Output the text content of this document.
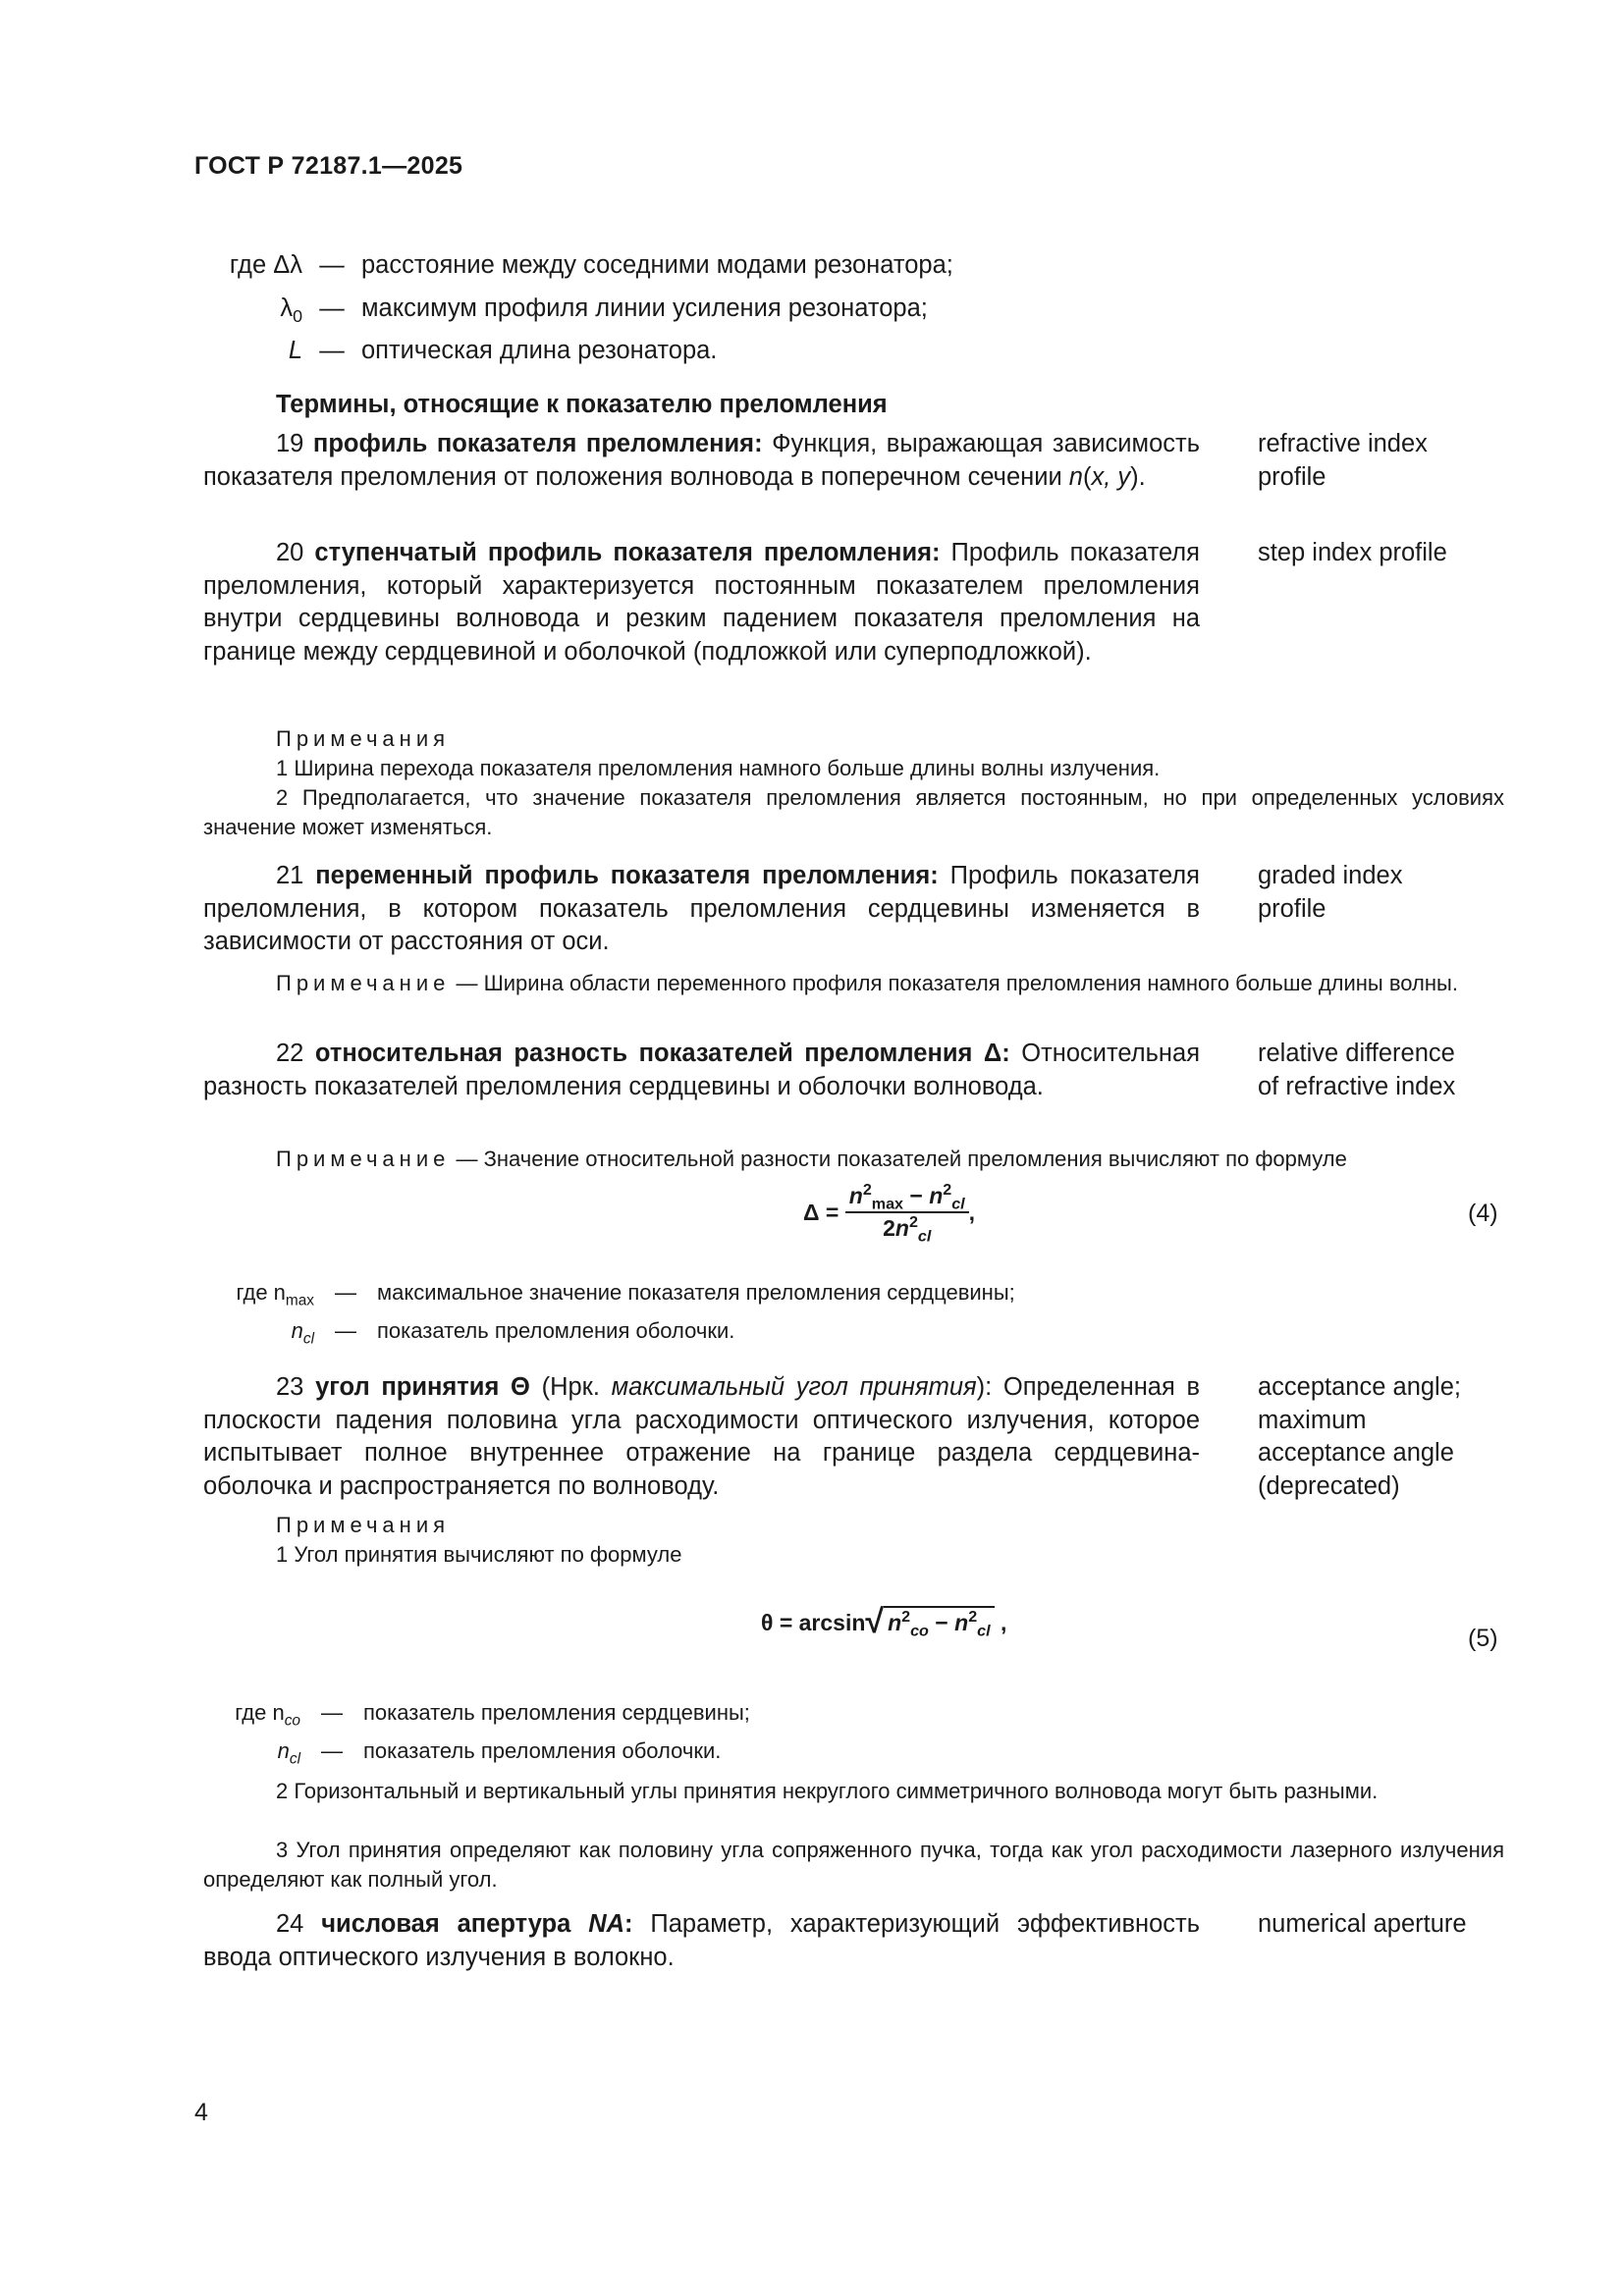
ГОСТ Р 72187.1—2025
где Δλ — расстояние между соседними модами резонатора;
$\lambda_0$ — максимум профиля линии усиления резонатора;
L — оптическая длина резонатора.
Термины, относящие к показателю преломления
19 профиль показателя преломления: Функция, выражающая зависимость показателя преломления от положения волновода в поперечном сечении n(x, y).
refractive index
profile
20 ступенчатый профиль показателя преломления: Профиль показателя преломления, который характеризуется постоянным показателем преломления внутри сердцевины волновода и резким падением показателя преломления на границе между сердцевиной и оболочкой (подложкой или суперподложкой).
step index profile
Примечания
1 Ширина перехода показателя преломления намного больше длины волны излучения.
2 Предполагается, что значение показателя преломления является постоянным, но при определенных условиях значение может изменяться.
21 переменный профиль показателя преломления: Профиль показателя преломления, в котором показатель преломления сердцевины изменяется в зависимости от расстояния от оси.
graded index
profile
Примечание — Ширина области переменного профиля показателя преломления намного больше длины волны.
22 относительная разность показателей преломления Δ: Относительная разность показателей преломления сердцевины и оболочки волновода.
relative difference
of refractive index
Примечание — Значение относительной разности показателей преломления вычисляют по формуле
$\Delta = \frac{n^2_{max} - n^2_{cl}}{2n^2_{cl}}$ ,	(4)
где $n_{max}$ — максимальное значение показателя преломления сердцевины;
$n_{cl}$ — показатель преломления оболочки.
23 угол принятия Θ (Нрк. максимальный угол принятия): Определенная в плоскости падения половина угла расходимости оптического излучения, которое испытывает полное внутреннее отражение на границе раздела сердцевина-оболочка и распространяется по волноводу.
acceptance angle;
maximum
acceptance angle
(deprecated)
Примечания
1 Угол принятия вычисляют по формуле
θ = arcsin √ $n^2_{co} - n^2_{cl}$
,
(5)
где $n_{co}$ — показатель преломления сердцевины;
$n_{cl}$ — показатель преломления оболочки.
2 Горизонтальный и вертикальный углы принятия некруглого симметричного волновода могут быть разными.
3 Угол принятия определяют как половину угла сопряженного пучка, тогда как угол расходимости лазерного излучения определяют как полный угол.
24 числовая апертура NA: Параметр, характеризующий эффективность ввода оптического излучения в волокно.
numerical aperture
4
